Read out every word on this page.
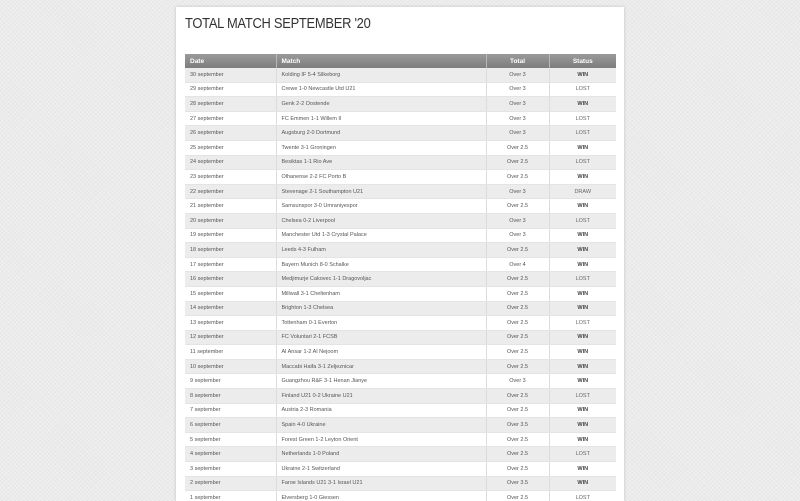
TOTAL MATCH SEPTEMBER '20
Date	Match	Total	Status
30 september	Kolding IF 5-4 Silkeborg	Over 3	WIN
29 september	Crewe 1-0 Newcastle Utd U21	Over 3	LOST
28 september	Genk 2-2 Oostende	Over 3	WIN
27 september	FC Emmen 1-1 Willem II	Over 3	LOST
26 september	Augsburg 2-0 Dortmund	Over 3	LOST
25 september	Twente 3-1 Groningen	Over 2.5	WIN
24 september	Besiktas 1-1 Rio Ave	Over 2.5	LOST
23 september	Olhanense 2-2 FC Porto B	Over 2.5	WIN
22 september	Stevenage 2-1 Southampton U21	Over 3	DRAW
21 september	Samsunspor 3-0 Umraniyespor	Over 2.5	WIN
20 september	Chelsea 0-2 Liverpool	Over 3	LOST
19 september	Manchester Utd 1-3 Crystal Palace	Over 3	WIN
18 september	Leeds 4-3 Fulham	Over 2.5	WIN
17 september	Bayern Munich 8-0 Schalke	Over 4	WIN
16 september	Medjimurje Cakovec 1-1 Dragovoljac	Over 2.5	LOST
15 september	Millwall 3-1 Cheltenham	Over 2.5	WIN
14 september	Brighton 1-3 Chelsea	Over 2.5	WIN
13 september	Tottenham 0-1 Everton	Over 2.5	LOST
12 september	FC Voluntari 2-1 FCSB	Over 2.5	WIN
11 september	Al Ansar 1-2 Al Nejoom	Over 2.5	WIN
10 september	Maccabi Haifa 3-1 Zeljeznicar	Over 2.5	WIN
9 september	Guangzhou R&F 3-1 Henan Jianye	Over 3	WIN
8 september	Finland U21 0-2 Ukraine U21	Over 2.5	LOST
7 september	Austria 2-3 Romania	Over 2.5	WIN
6 september	Spain 4-0 Ukraine	Over 3.5	WIN
5 september	Forest Green 1-2 Leyton Orient	Over 2.5	WIN
4 september	Netherlands 1-0 Poland	Over 2.5	LOST
3 september	Ukraine 2-1 Switzerland	Over 2.5	WIN
2 september	Faroe Islands U21 3-1 Israel U21	Over 3.5	WIN
1 september	Elversberg 1-0 Giessen	Over 2.5	LOST
